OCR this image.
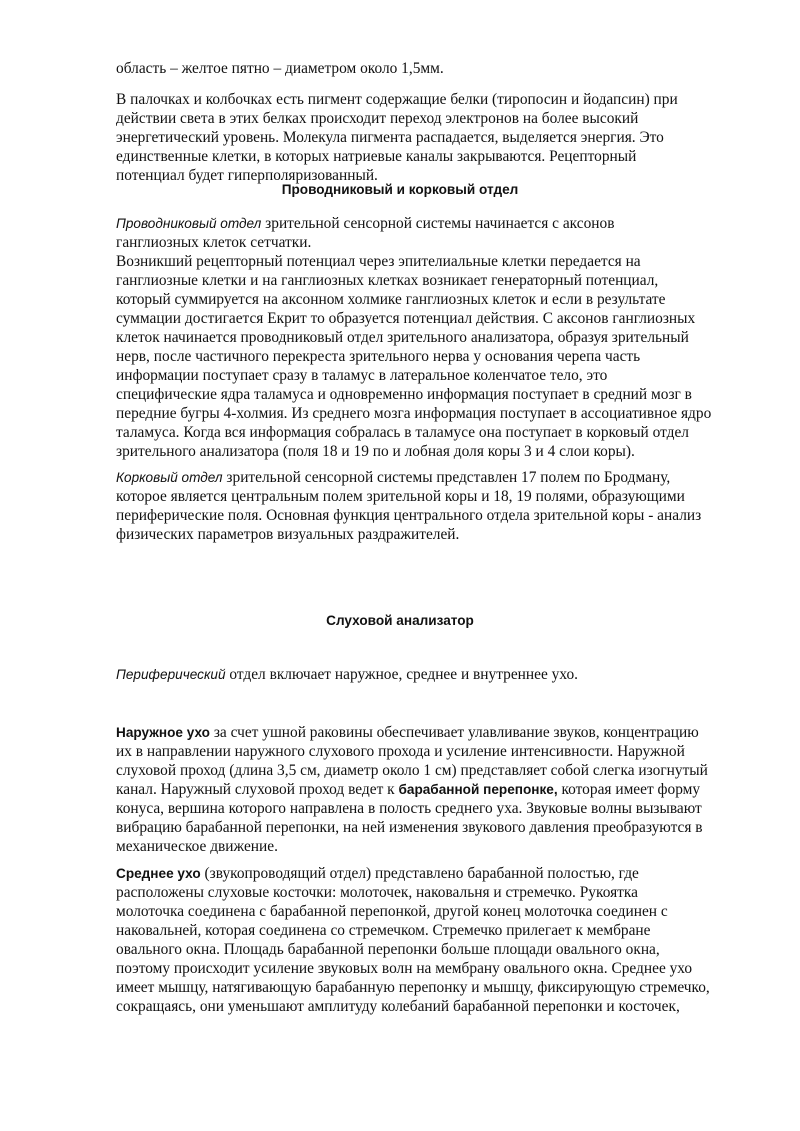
область – желтое пятно – диаметром около 1,5мм.

В палочках и колбочках есть пигмент содержащие белки (тиропосин и йодапсин) при
действии света в этих белках происходит переход электронов на более высокий
энергетический уровень. Молекула пигмента распадается, выделяется энергия. Это
единственные клетки, в которых натриевые каналы закрываются. Рецепторный
потенциал будет гиперполяризованный.

Проводниковый и корковый отдел

Проводниковый отдел зрительной сенсорной системы начинается с аксонов
ганглиозных клеток сетчатки.
Возникший рецепторный потенциал через эпителиальные клетки передается на
ганглиозные клетки и на ганглиозных клетках возникает генераторный потенциал,
который суммируется на аксонном холмике ганглиозных клеток и если в результате
суммации достигается Екрит то образуется потенциал действия. С аксонов ганглиозных
клеток начинается проводниковый отдел зрительного анализатора, образуя зрительный
нерв, после частичного перекреста зрительного нерва у основания черепа часть
информации поступает сразу в таламус в латеральное коленчатое тело, это
специфические ядра таламуса и одновременно информация поступает в средний мозг в
передние бугры 4-холмия. Из среднего мозга информация поступает в ассоциативное ядро
таламуса. Когда вся информация собралась в таламусе она поступает в корковый отдел
зрительного анализатора (поля 18 и 19 по и лобная доля коры 3 и 4 слои коры).

Корковый отдел зрительной сенсорной системы представлен 17 полем по Бродману,
которое является центральным полем зрительной коры и 18, 19 полями, образующими
периферические поля. Основная функция центрального отдела зрительной коры - анализ
физических параметров визуальных раздражителей.

Слуховой анализатор

Периферический отдел включает наружное, среднее и внутреннее ухо.

Наружное ухо за счет ушной раковины обеспечивает улавливание звуков, концентрацию
их в направлении наружного слухового прохода и усиление интенсивности. Наружной
слуховой проход (длина 3,5 см, диаметр около 1 см) представляет собой слегка изогнутый
канал. Наружный слуховой проход ведет к барабанной перепонке, которая имеет форму
конуса, вершина которого направлена в полость среднего уха. Звуковые волны вызывают
вибрацию барабанной перепонки, на ней изменения звукового давления преобразуются в
механическое движение.

Среднее ухо (звукопроводящий отдел) представлено барабанной полостью, где
расположены слуховые косточки: молоточек, наковальня и стремечко. Рукоятка
молоточка соединена с барабанной перепонкой, другой конец молоточка соединен с
наковальней, которая соединена со стремечком. Стремечко прилегает к мембране
овального окна. Площадь барабанной перепонки больше площади овального окна,
поэтому происходит усиление звуковых волн на мембрану овального окна. Среднее ухо
имеет мышцу, натягивающую барабанную перепонку и мышцу, фиксирующую стремечко,
сокращаясь, они уменьшают амплитуду колебаний барабанной перепонки и косточек,
